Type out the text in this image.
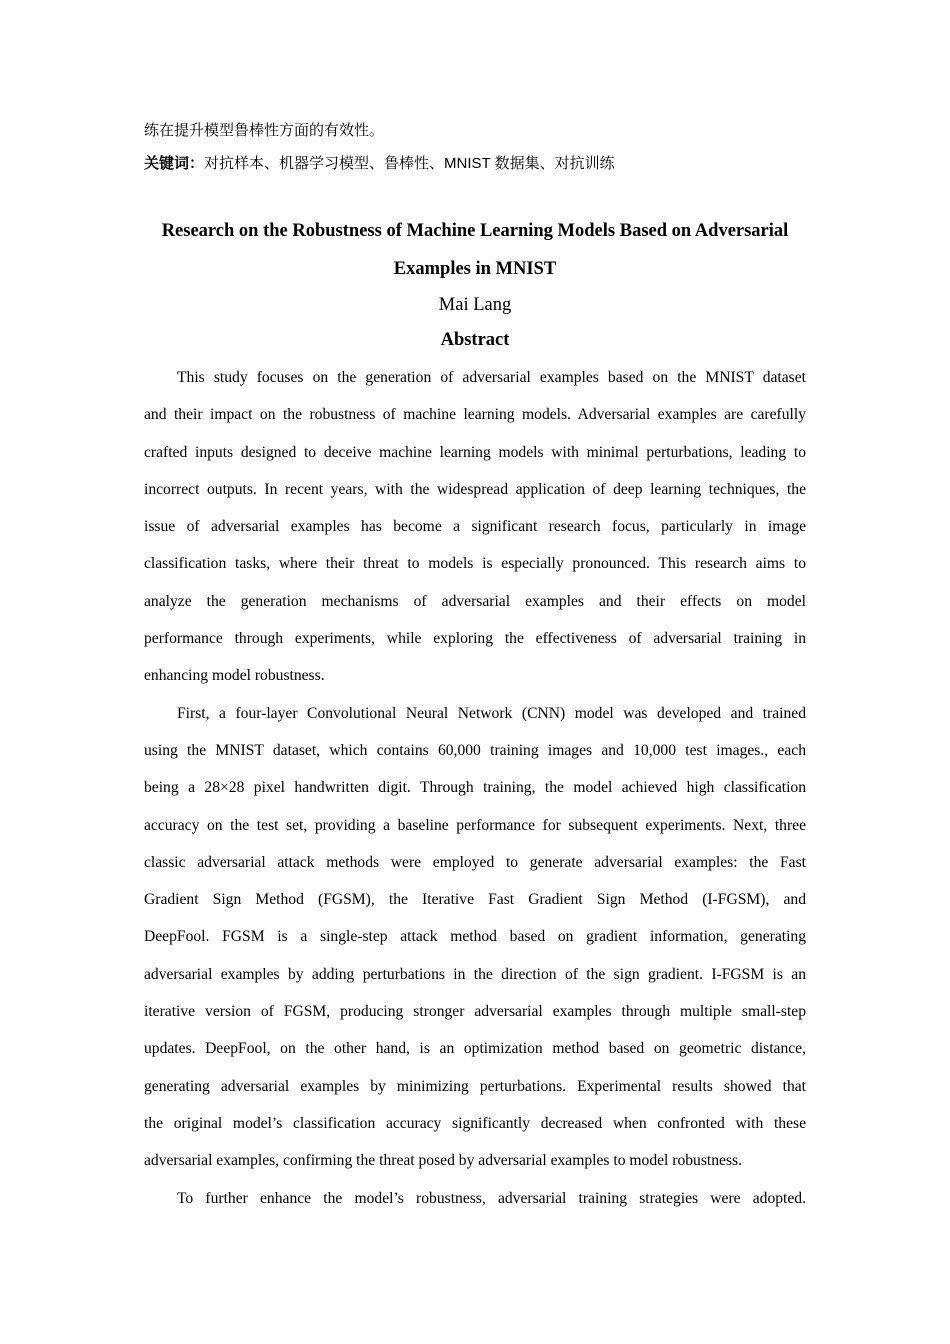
练在提升模型鲁棒性方面的有效性。
关键词：对抗样本、机器学习模型、鲁棒性、MNIST 数据集、对抗训练
Research on the Robustness of Machine Learning Models Based on Adversarial
Examples in MNIST
Mai Lang
Abstract
This study focuses on the generation of adversarial examples based on the MNIST dataset
and their impact on the robustness of machine learning models. Adversarial examples are carefully
crafted inputs designed to deceive machine learning models with minimal perturbations, leading to
incorrect outputs. In recent years, with the widespread application of deep learning techniques, the
issue of adversarial examples has become a significant research focus, particularly in image
classification tasks, where their threat to models is especially pronounced. This research aims to
analyze the generation mechanisms of adversarial examples and their effects on model
performance through experiments, while exploring the effectiveness of adversarial training in
enhancing model robustness.
First, a four-layer Convolutional Neural Network (CNN) model was developed and trained
using the MNIST dataset, which contains 60,000 training images and 10,000 test images., each
being a 28×28 pixel handwritten digit. Through training, the model achieved high classification
accuracy on the test set, providing a baseline performance for subsequent experiments. Next, three
classic adversarial attack methods were employed to generate adversarial examples: the Fast
Gradient Sign Method (FGSM), the Iterative Fast Gradient Sign Method (I-FGSM), and
DeepFool. FGSM is a single-step attack method based on gradient information, generating
adversarial examples by adding perturbations in the direction of the sign gradient. I-FGSM is an
iterative version of FGSM, producing stronger adversarial examples through multiple small-step
updates. DeepFool, on the other hand, is an optimization method based on geometric distance,
generating adversarial examples by minimizing perturbations. Experimental results showed that
the original model’s classification accuracy significantly decreased when confronted with these
adversarial examples, confirming the threat posed by adversarial examples to model robustness.
To further enhance the model’s robustness, adversarial training strategies were adopted.
